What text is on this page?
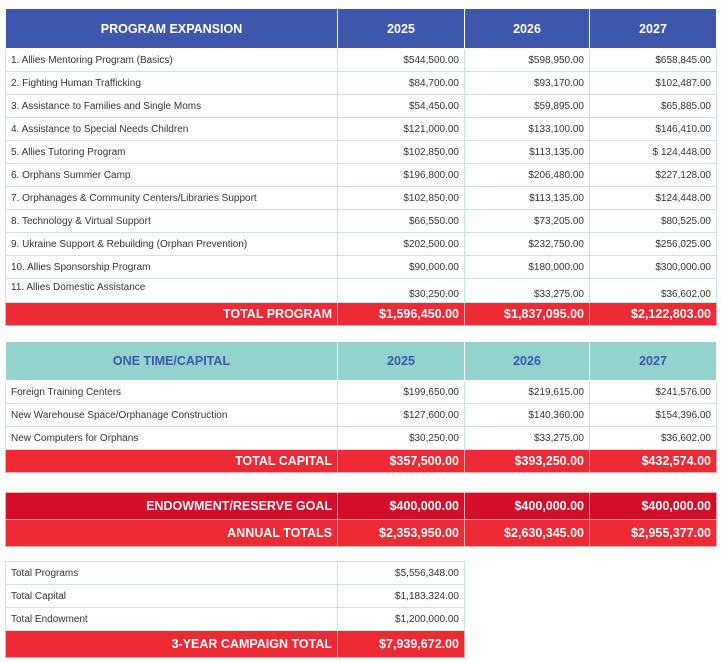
PROGRAM EXPANSION	2025	2026	2027
1. Allies Mentoring Program (Basics)	$544,500.00	$598,950.00	$658,845.00
2. Fighting Human Trafficking	$84,700.00	$93,170.00	$102,487.00
3. Assistance to Families and Single Moms	$54,450.00	$59,895.00	$65,885.00
4. Assistance to Special Needs Children	$121,000.00	$133,100.00	$146,410.00
5. Allies Tutoring Program	$102,850.00	$113,135.00	$ 124,448.00
6. Orphans Summer Camp	$196,800.00	$206,480.00	$227,128.00
7. Orphanages & Community Centers/Libraries Support	$102,850.00	$113,135.00	$124,448.00
8. Technology & Virtual Support	$66,550.00	$73,205.00	$80,525.00
9. Ukraine Support & Rebuilding (Orphan Prevention)	$202,500.00	$232,750.00	$256,025.00
10. Allies Sponsorship Program	$90,000.00	$180,000.00	$300,000.00
11. Allies Domestic Assistance	$30,250.00	$33,275.00	$36,602.00
TOTAL PROGRAM	$1,596,450.00	$1,837,095.00	$2,122,803.00
ONE TIME/CAPITAL	2025	2026	2027
Foreign Training Centers	$199,650.00	$219,615.00	$241,576.00
New Warehouse Space/Orphanage Construction	$127,600.00	$140,360.00	$154,396.00
New Computers for Orphans	$30,250.00	$33,275.00	$36,602.00
TOTAL CAPITAL	$357,500.00	$393,250.00	$432,574.00
ENDOWMENT/RESERVE GOAL	$400,000.00	$400,000.00	$400,000.00
ANNUAL TOTALS	$2,353,950.00	$2,630,345.00	$2,955,377.00
Total Programs	$5,556,348.00
Total Capital	$1,183,324.00
Total Endowment	$1,200,000.00
3-YEAR CAMPAIGN TOTAL	$7,939,672.00
